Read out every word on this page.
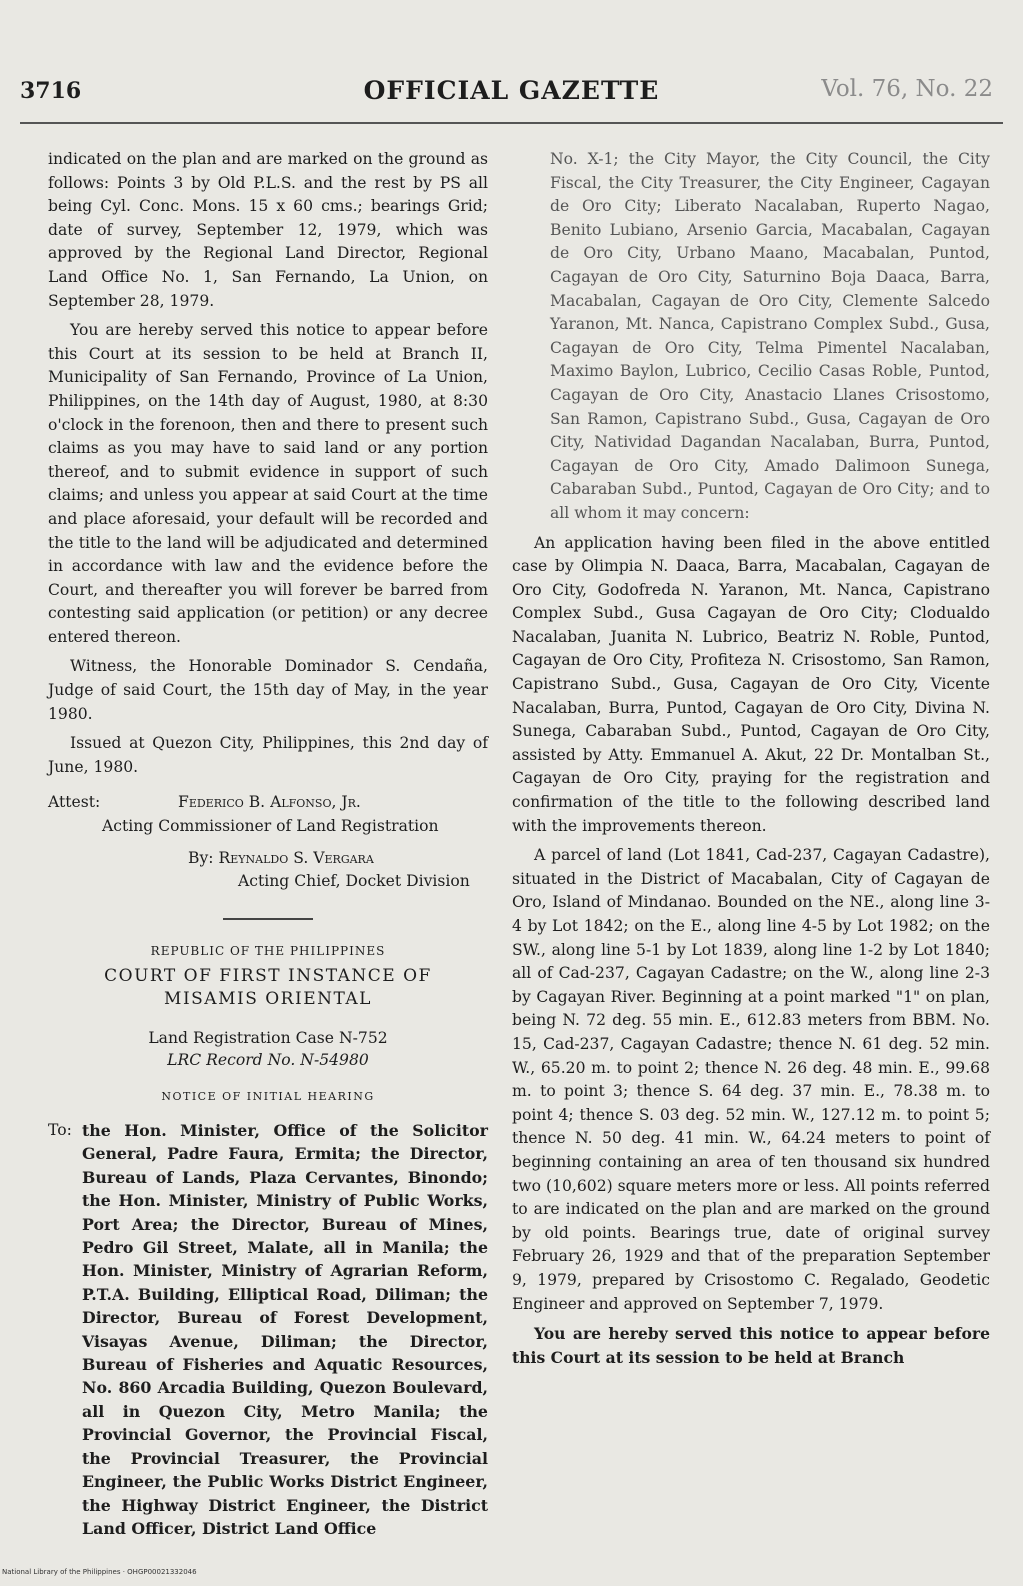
3716	OFFICIAL GAZETTE	Vol. 76, No. 22

indicated on the plan and are marked on the ground as follows: Points 3 by Old P.L.S. and the rest by PS all being Cyl. Conc. Mons. 15 x 60 cms.; bearings Grid; date of survey, September 12, 1979, which was approved by the Regional Land Director, Regional Land Office No. 1, San Fernando, La Union, on September 28, 1979.

You are hereby served this notice to appear before this Court at its session to be held at Branch II, Municipality of San Fernando, Province of La Union, Philippines, on the 14th day of August, 1980, at 8:30 o'clock in the forenoon, then and there to present such claims as you may have to said land or any portion thereof, and to submit evidence in support of such claims; and unless you appear at said Court at the time and place aforesaid, your default will be recorded and the title to the land will be adjudicated and determined in accordance with law and the evidence before the Court, and thereafter you will forever be barred from contesting said application (or petition) or any decree entered thereon.

Witness, the Honorable Dominador S. Cendaña, Judge of said Court, the 15th day of May, in the year 1980.

Issued at Quezon City, Philippines, this 2nd day of June, 1980.

Attest:	Federico B. Alfonso, Jr.
Acting Commissioner of Land Registration
By: Reynaldo S. Vergara
Acting Chief, Docket Division
REPUBLIC OF THE PHILIPPINES
COURT OF FIRST INSTANCE OF
MISAMIS ORIENTAL
Land Registration Case N-752
LRC Record No. N-54980
NOTICE OF INITIAL HEARING
To: the Hon. Minister, Office of the Solicitor General, Padre Faura, Ermita; the Director, Bureau of Lands, Plaza Cervantes, Binondo; the Hon. Minister, Ministry of Public Works, Port Area; the Director, Bureau of Mines, Pedro Gil Street, Malate, all in Manila; the Hon. Minister, Ministry of Agrarian Reform, P.T.A. Building, Elliptical Road, Diliman; the Director, Bureau of Forest Development, Visayas Avenue, Diliman; the Director, Bureau of Fisheries and Aquatic Resources, No. 860 Arcadia Building, Quezon Boulevard, all in Quezon City, Metro Manila; the Provincial Governor, the Provincial Fiscal, the Provincial Treasurer, the Provincial Engineer, the Public Works District Engineer, the Highway District Engineer, the District Land Officer, District Land Office

No. X-1; the City Mayor, the City Council, the City Fiscal, the City Treasurer, the City Engineer, Cagayan de Oro City; Liberato Nacalaban, Ruperto Nagao, Benito Lubiano, Arsenio Garcia, Macabalan, Cagayan de Oro City, Urbano Maano, Macabalan, Puntod, Cagayan de Oro City, Saturnino Boja Daaca, Barra, Macabalan, Cagayan de Oro City, Clemente Salcedo Yaranon, Mt. Nanca, Capistrano Complex Subd., Gusa, Cagayan de Oro City, Telma Pimentel Nacalaban, Maximo Baylon, Lubrico, Cecilio Casas Roble, Puntod, Cagayan de Oro City, Anastacio Llanes Crisostomo, San Ramon, Capistrano Subd., Gusa, Cagayan de Oro City, Natividad Dagandan Nacalaban, Burra, Puntod, Cagayan de Oro City, Amado Dalimoon Sunega, Cabaraban Subd., Puntod, Cagayan de Oro City; and to all whom it may concern:

An application having been filed in the above entitled case by Olimpia N. Daaca, Barra, Macabalan, Cagayan de Oro City, Godofreda N. Yaranon, Mt. Nanca, Capistrano Complex Subd., Gusa Cagayan de Oro City; Clodualdo Nacalaban, Juanita N. Lubrico, Beatriz N. Roble, Puntod, Cagayan de Oro City, Profiteza N. Crisostomo, San Ramon, Capistrano Subd., Gusa, Cagayan de Oro City, Vicente Nacalaban, Burra, Puntod, Cagayan de Oro City, Divina N. Sunega, Cabaraban Subd., Puntod, Cagayan de Oro City, assisted by Atty. Emmanuel A. Akut, 22 Dr. Montalban St., Cagayan de Oro City, praying for the registration and confirmation of the title to the following described land with the improvements thereon.

A parcel of land (Lot 1841, Cad-237, Cagayan Cadastre), situated in the District of Macabalan, City of Cagayan de Oro, Island of Mindanao. Bounded on the NE., along line 3-4 by Lot 1842; on the E., along line 4-5 by Lot 1982; on the SW., along line 5-1 by Lot 1839, along line 1-2 by Lot 1840; all of Cad-237, Cagayan Cadastre; on the W., along line 2-3 by Cagayan River. Beginning at a point marked "1" on plan, being N. 72 deg. 55 min. E., 612.83 meters from BBM. No. 15, Cad-237, Cagayan Cadastre; thence N. 61 deg. 52 min. W., 65.20 m. to point 2; thence N. 26 deg. 48 min. E., 99.68 m. to point 3; thence S. 64 deg. 37 min. E., 78.38 m. to point 4; thence S. 03 deg. 52 min. W., 127.12 m. to point 5; thence N. 50 deg. 41 min. W., 64.24 meters to point of beginning containing an area of ten thousand six hundred two (10,602) square meters more or less. All points referred to are indicated on the plan and are marked on the ground by old points. Bearings true, date of original survey February 26, 1929 and that of the preparation September 9, 1979, prepared by Crisostomo C. Regalado, Geodetic Engineer and approved on September 7, 1979.

You are hereby served this notice to appear before this Court at its session to be held at Branch

National Library of the Philippines · OHGP00021332046
